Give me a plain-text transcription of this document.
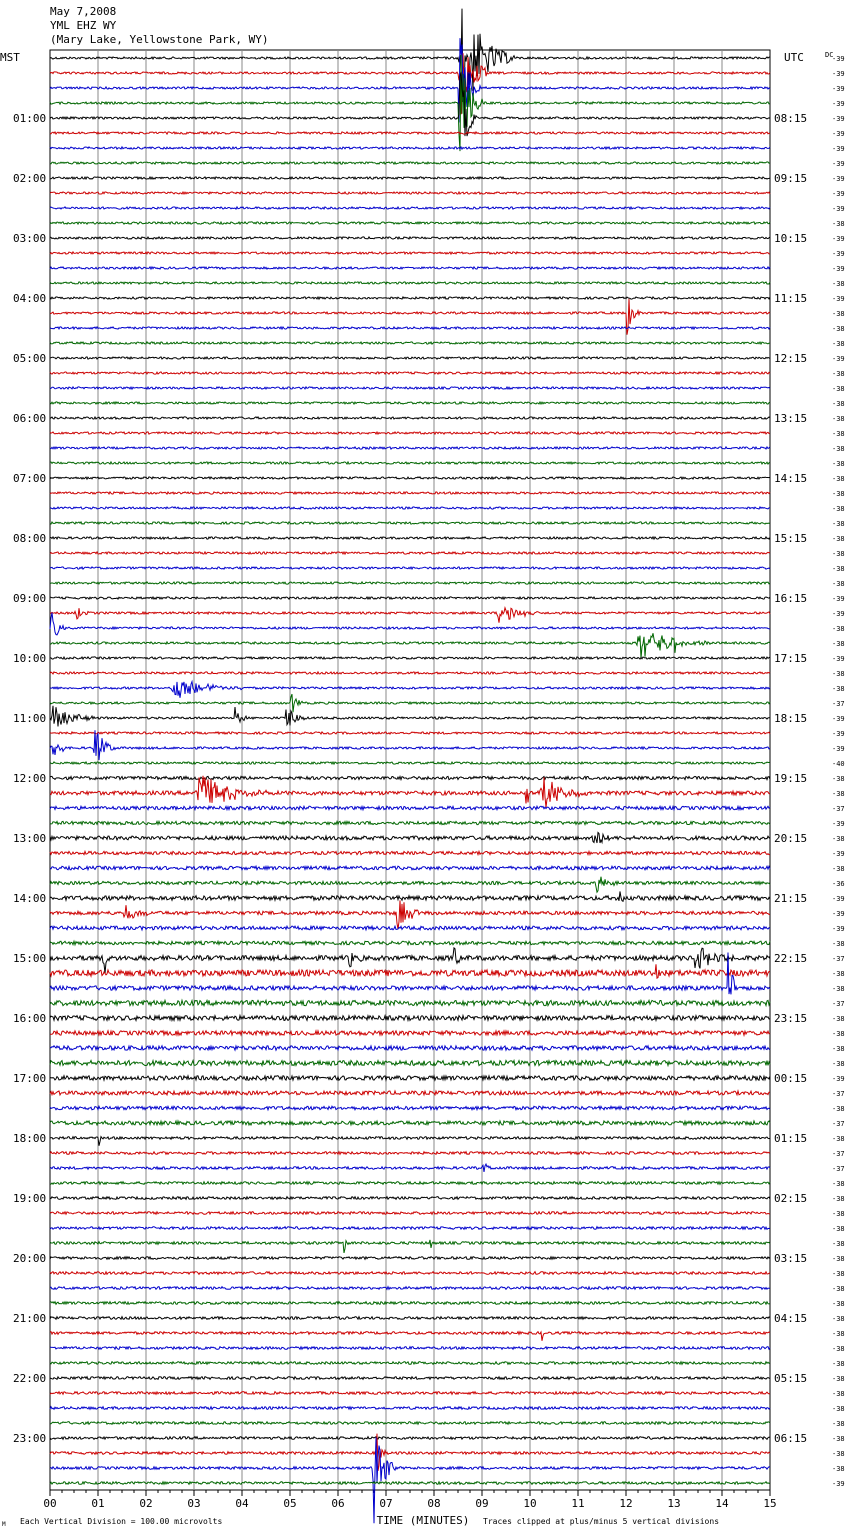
May 7,2008
YML EHZ WY
(Mary Lake, Yellowstone Park, WY)
00	01	02	03	04	05	06	07	08	09	10	11	12	13	14	15
-39
-39
-39
-39
-39
01:00	08:15
-39
-39
-39
-39
02:00	09:15
-39
-39
-38
-39
03:00	10:15
-39
-39
-38
-39
04:00	11:15
-38
-38
-38
-39
05:00	12:15
-38
-38
-38
-38
06:00	13:15
-38
-38
-38
-38
07:00	14:15
-38
-38
-38
-38
08:00	15:15
-38
-38
-38
-39
09:00	16:15
-39
-38
-38
-39
10:00	17:15
-38
-38
-37
-39
11:00	18:15
-39
-39
-40
-38
12:00	19:15
-38
-37
-39
-38
13:00	20:15
-39
-38
-36
-39
14:00	21:15
-39
-39
-38
-37
15:00	22:15
-38
-38
-37
-38
16:00	23:15
-38
-38
-38
-39
17:00	00:15
-37
-38
-37
-38
18:00	01:15
-37
-37
-38
-38
19:00	02:15
-38
-38
-38
-38
20:00	03:15
-38
-38
-38
-38
21:00	04:15
-38
-38
-38
-38
22:00	05:15
-38
-38
-38
-38
23:00	06:15
-38
-38
-39
MST	UTC	DC
TIME (MINUTES)
Each Vertical Division = 100.00 microvolts	Traces clipped at plus/minus 5 vertical divisions
M
